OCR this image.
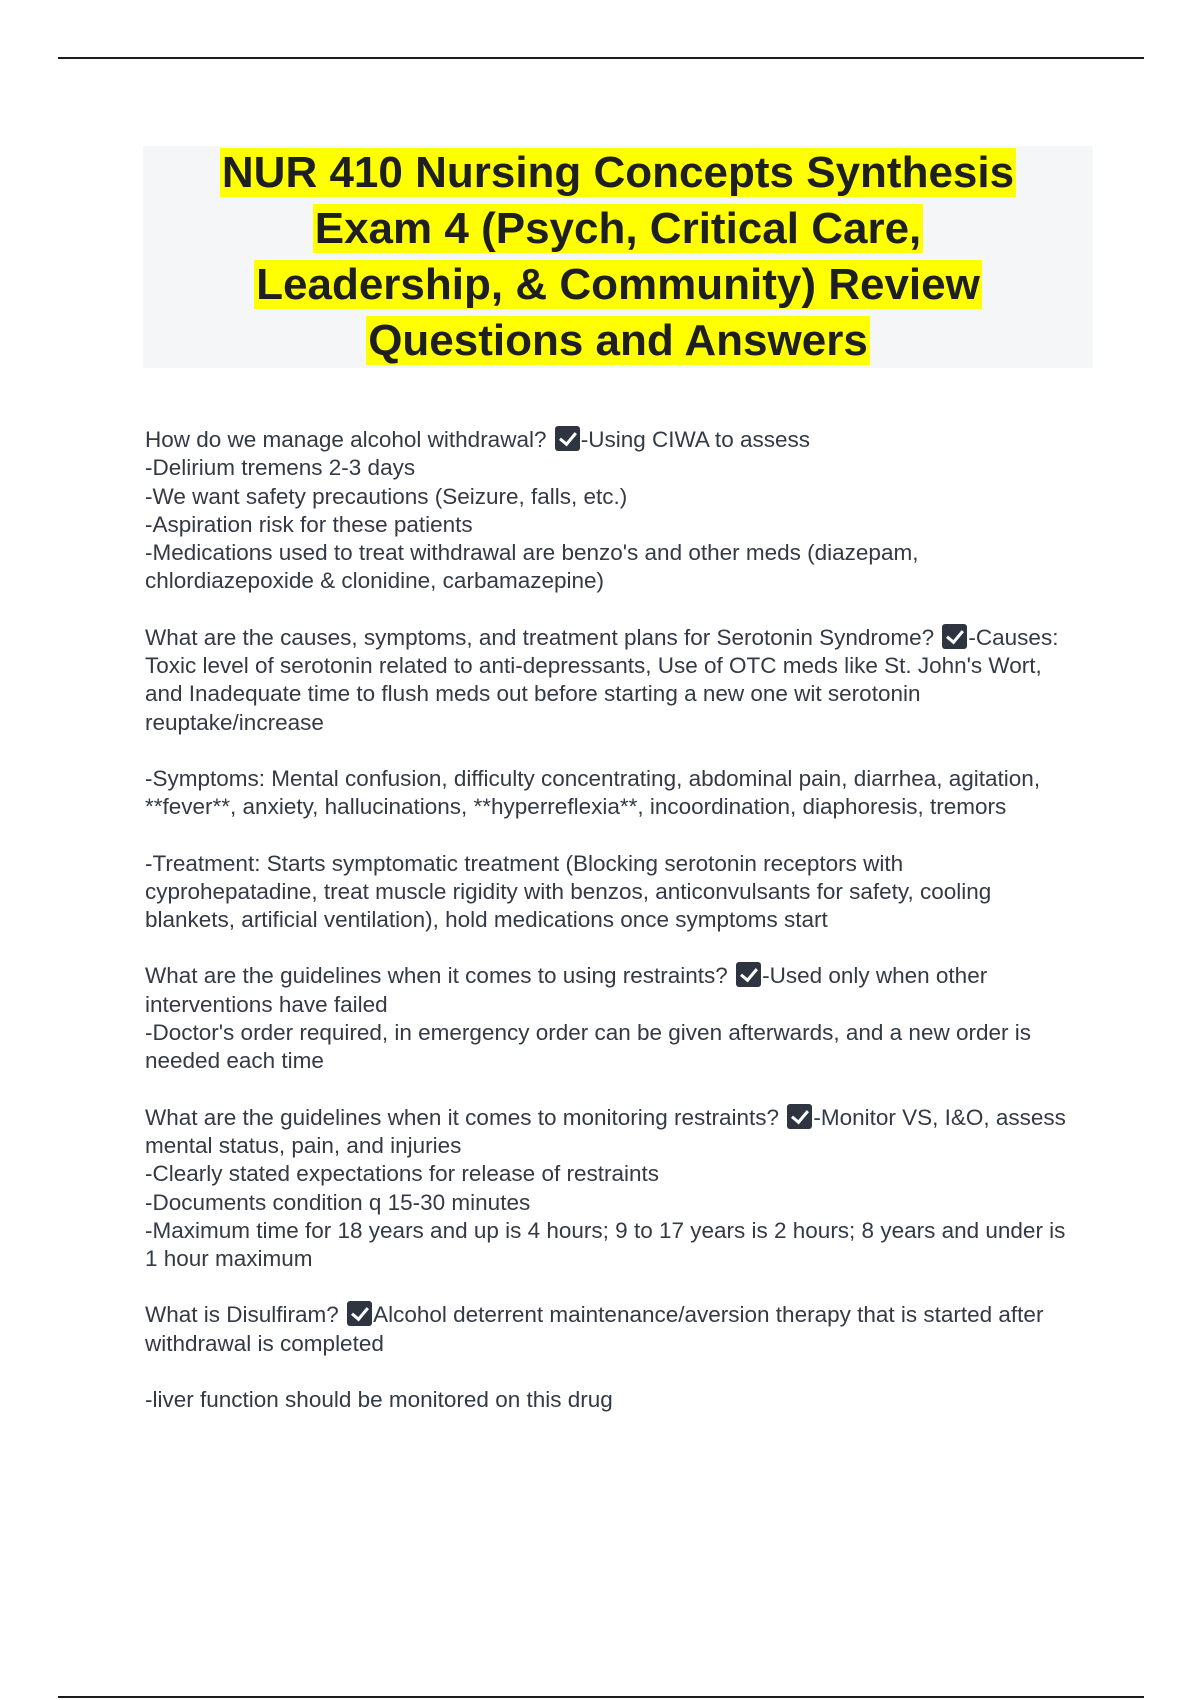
NUR 410 Nursing Concepts Synthesis
Exam 4 (Psych, Critical Care,
Leadership, & Community) Review
Questions and Answers
How do we manage alcohol withdrawal? -Using CIWA to assess
-Delirium tremens 2-3 days
-We want safety precautions (Seizure, falls, etc.)
-Aspiration risk for these patients
-Medications used to treat withdrawal are benzo's and other meds (diazepam, chlordiazepoxide & clonidine, carbamazepine)
What are the causes, symptoms, and treatment plans for Serotonin Syndrome? -Causes: Toxic level of serotonin related to anti-depressants, Use of OTC meds like St. John's Wort, and Inadequate time to flush meds out before starting a new one wit serotonin reuptake/increase
-Symptoms: Mental confusion, difficulty concentrating, abdominal pain, diarrhea, agitation, **fever**, anxiety, hallucinations, **hyperreflexia**, incoordination, diaphoresis, tremors
-Treatment: Starts symptomatic treatment (Blocking serotonin receptors with cyprohepatadine, treat muscle rigidity with benzos, anticonvulsants for safety, cooling blankets, artificial ventilation), hold medications once symptoms start
What are the guidelines when it comes to using restraints? -Used only when other interventions have failed
-Doctor's order required, in emergency order can be given afterwards, and a new order is needed each time
What are the guidelines when it comes to monitoring restraints? -Monitor VS, I&O, assess mental status, pain, and injuries
-Clearly stated expectations for release of restraints
-Documents condition q 15-30 minutes
-Maximum time for 18 years and up is 4 hours; 9 to 17 years is 2 hours; 8 years and under is 1 hour maximum
What is Disulfiram? Alcohol deterrent maintenance/aversion therapy that is started after withdrawal is completed
-liver function should be monitored on this drug
